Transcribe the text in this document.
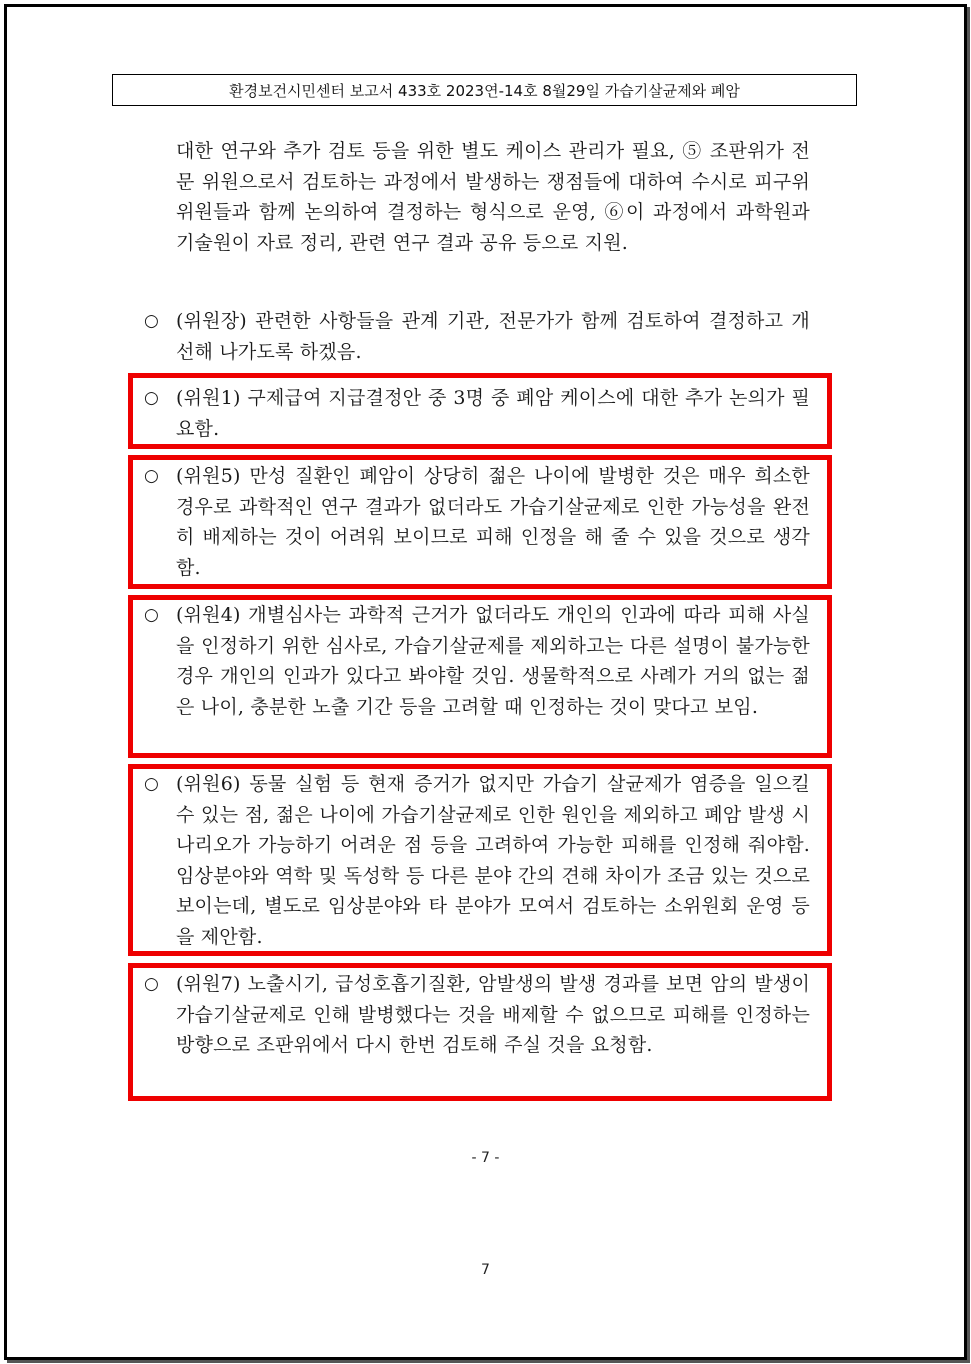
환경보건시민센터 보고서 433호 2023연-14호 8월29일 가습기살균제와 폐암
대한 연구와 추가 검토 등을 위한 별도 케이스 관리가 필요, ⑤ 조판위가 전문 위원으로서 검토하는 과정에서 발생하는 쟁점들에 대하여 수시로 피구위위원들과 함께 논의하여 결정하는 형식으로 운영, ⑥이 과정에서 과학원과 기술원이 자료 정리, 관련 연구 결과 공유 등으로 지원.
○ (위원장) 관련한 사항들을 관계 기관, 전문가가 함께 검토하여 결정하고 개선해 나가도록 하겠음.
○ (위원1) 구제급여 지급결정안 중 3명 중 폐암 케이스에 대한 추가 논의가 필요함.
○ (위원5) 만성 질환인 폐암이 상당히 젊은 나이에 발병한 것은 매우 희소한 경우로 과학적인 연구 결과가 없더라도 가습기살균제로 인한 가능성을 완전히 배제하는 것이 어려워 보이므로 피해 인정을 해 줄 수 있을 것으로 생각함.
○ (위원4) 개별심사는 과학적 근거가 없더라도 개인의 인과에 따라 피해 사실을 인정하기 위한 심사로, 가습기살균제를 제외하고는 다른 설명이 불가능한 경우 개인의 인과가 있다고 봐야할 것임. 생물학적으로 사례가 거의 없는 젊은 나이, 충분한 노출 기간 등을 고려할 때 인정하는 것이 맞다고 보임.
○ (위원6) 동물 실험 등 현재 증거가 없지만 가습기 살균제가 염증을 일으킬 수 있는 점, 젊은 나이에 가습기살균제로 인한 원인을 제외하고 폐암 발생 시나리오가 가능하기 어려운 점 등을 고려하여 가능한 피해를 인정해 줘야함. 임상분야와 역학 및 독성학 등 다른 분야 간의 견해 차이가 조금 있는 것으로 보이는데, 별도로 임상분야와 타 분야가 모여서 검토하는 소위원회 운영 등을 제안함.
○ (위원7) 노출시기, 급성호흡기질환, 암발생의 발생 경과를 보면 암의 발생이 가습기살균제로 인해 발병했다는 것을 배제할 수 없으므로 피해를 인정하는 방향으로 조판위에서 다시 한번 검토해 주실 것을 요청함.
- 7 -
7
